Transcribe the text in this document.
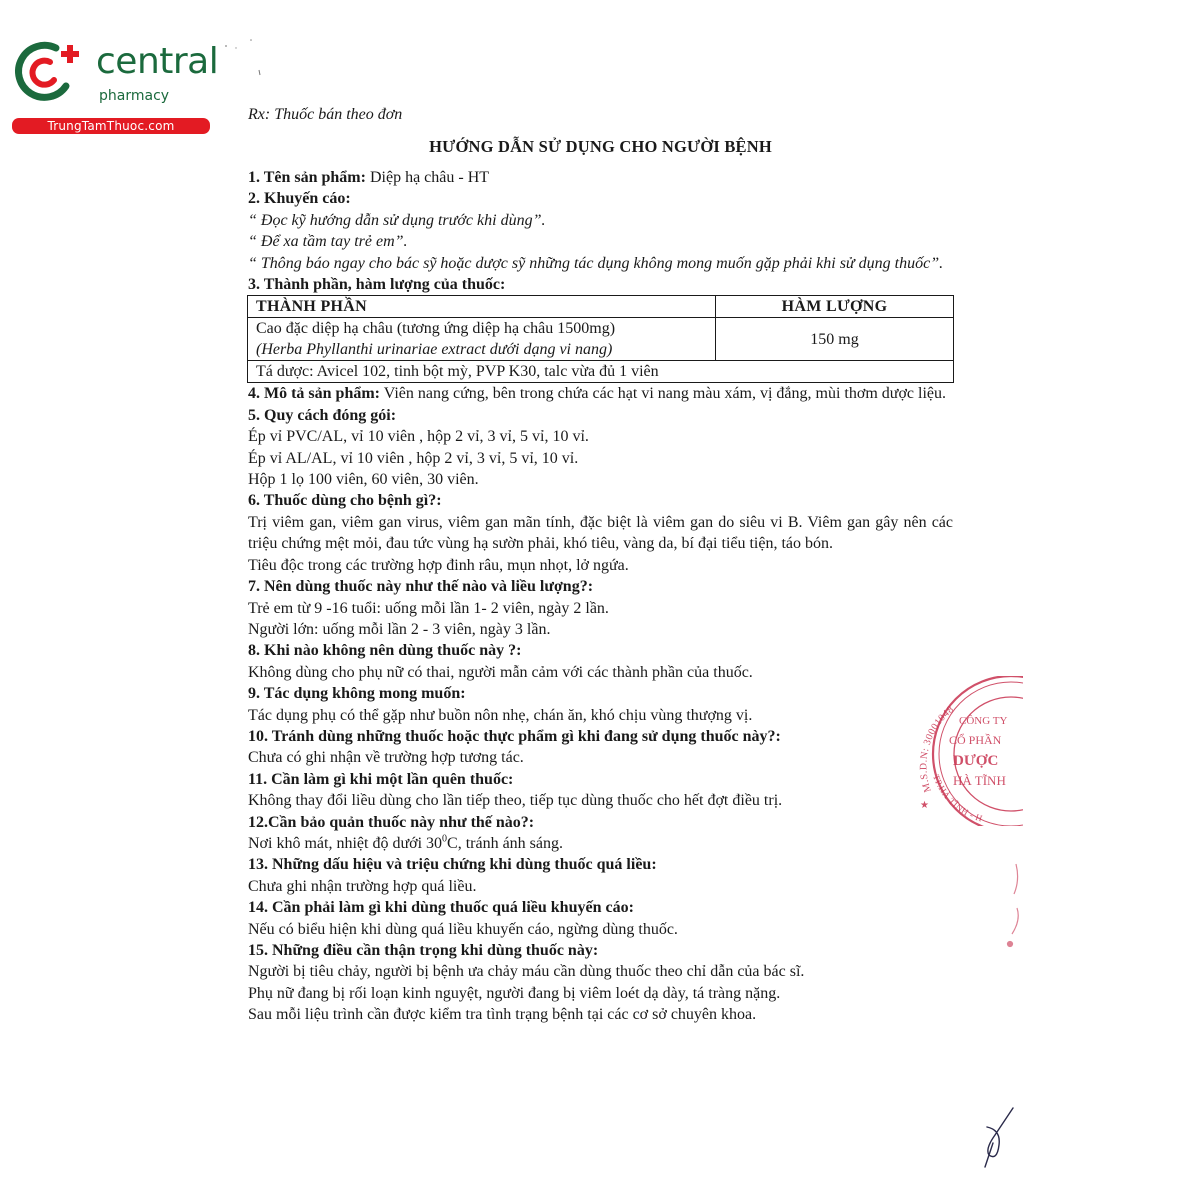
central

pharmacy
TrungTamThuoc.com

Rx: Thuốc bán theo đơn

HƯỚNG DẪN SỬ DỤNG CHO NGƯỜI BỆNH

1. Tên sản phẩm: Diệp hạ châu - HT

2. Khuyến cáo:

“ Đọc kỹ hướng dẫn sử dụng trước khi dùng”.

“ Để xa tầm tay trẻ em”.

“ Thông báo ngay cho bác sỹ hoặc dược sỹ những tác dụng không mong muốn gặp phải khi sử dụng thuốc”.

3. Thành phần, hàm lượng của thuốc:

THÀNH PHẦN	HÀM LƯỢNG

Cao đặc diệp hạ châu (tương ứng diệp hạ châu 1500mg)
(Herba Phyllanthi urinariae extract dưới dạng vi nang)	150 mg
Tá dược: Avicel 102, tinh bột mỳ, PVP K30, talc vừa đủ 1 viên	

4. Mô tả sản phẩm: Viên nang cứng, bên trong chứa các hạt vi nang màu xám, vị đắng, mùi thơm dược liệu.

5. Quy cách đóng gói:

Ép vỉ PVC/AL, vỉ 10 viên , hộp 2 vỉ, 3 vỉ, 5 vỉ, 10 vỉ.

Ép vỉ AL/AL, vỉ 10 viên , hộp 2 vỉ, 3 vỉ, 5 vỉ, 10 vỉ.

Hộp 1 lọ 100 viên, 60 viên, 30 viên.

6. Thuốc dùng cho bệnh gì?:

Trị viêm gan, viêm gan virus, viêm gan mãn tính, đặc biệt là viêm gan do siêu vi B. Viêm gan gây nên các triệu chứng mệt mỏi, đau tức vùng hạ sườn phải, khó tiêu, vàng da, bí đại tiểu tiện, táo bón.

Tiêu độc trong các trường hợp đinh râu, mụn nhọt, lở ngứa.

7. Nên dùng thuốc này như thế nào và liều lượng?:

Trẻ em từ 9 -16 tuổi: uống mỗi lần 1- 2 viên, ngày 2 lần.

Người lớn: uống mỗi lần 2 - 3 viên, ngày 3 lần.

8. Khi nào không nên dùng thuốc này ?:

Không dùng cho phụ nữ có thai, người mẫn cảm với các thành phần của thuốc.

9. Tác dụng không mong muốn:

Tác dụng phụ có thể gặp như buồn nôn nhẹ, chán ăn, khó chịu vùng thượng vị.

10. Tránh dùng những thuốc hoặc thực phẩm gì khi đang sử dụng thuốc này?:

Chưa có ghi nhận về trường hợp tương tác.

11. Cần làm gì khi một lần quên thuốc:

Không thay đổi liều dùng cho lần tiếp theo, tiếp tục dùng thuốc cho hết đợt điều trị.

12.Cần bảo quản thuốc này như thế nào?:

Nơi khô mát, nhiệt độ dưới $30^0C$, tránh ánh sáng.

13. Những dấu hiệu và triệu chứng khi dùng thuốc quá liều:

Chưa ghi nhận trường hợp quá liều.

14. Cần phải làm gì khi dùng thuốc quá liều khuyến cáo:

Nếu có biểu hiện khi dùng quá liều khuyến cáo, ngừng dùng thuốc.

15. Những điều cần thận trọng khi dùng thuốc này:

Người bị tiêu chảy, người bị bệnh ưa chảy máu cần dùng thuốc theo chỉ dẫn của bác sĩ.

Phụ nữ đang bị rối loạn kinh nguyệt, người đang bị viêm loét dạ dày, tá tràng nặng.

Sau mỗi liệu trình cần được kiểm tra tình trạng bệnh tại các cơ sở chuyên khoa.

M.S.D.N: 30001048
TP.HÀ TĨNH - H
CÔNG TY
CỔ PHẦN
DƯỢC
HÀ TĨNH
★
